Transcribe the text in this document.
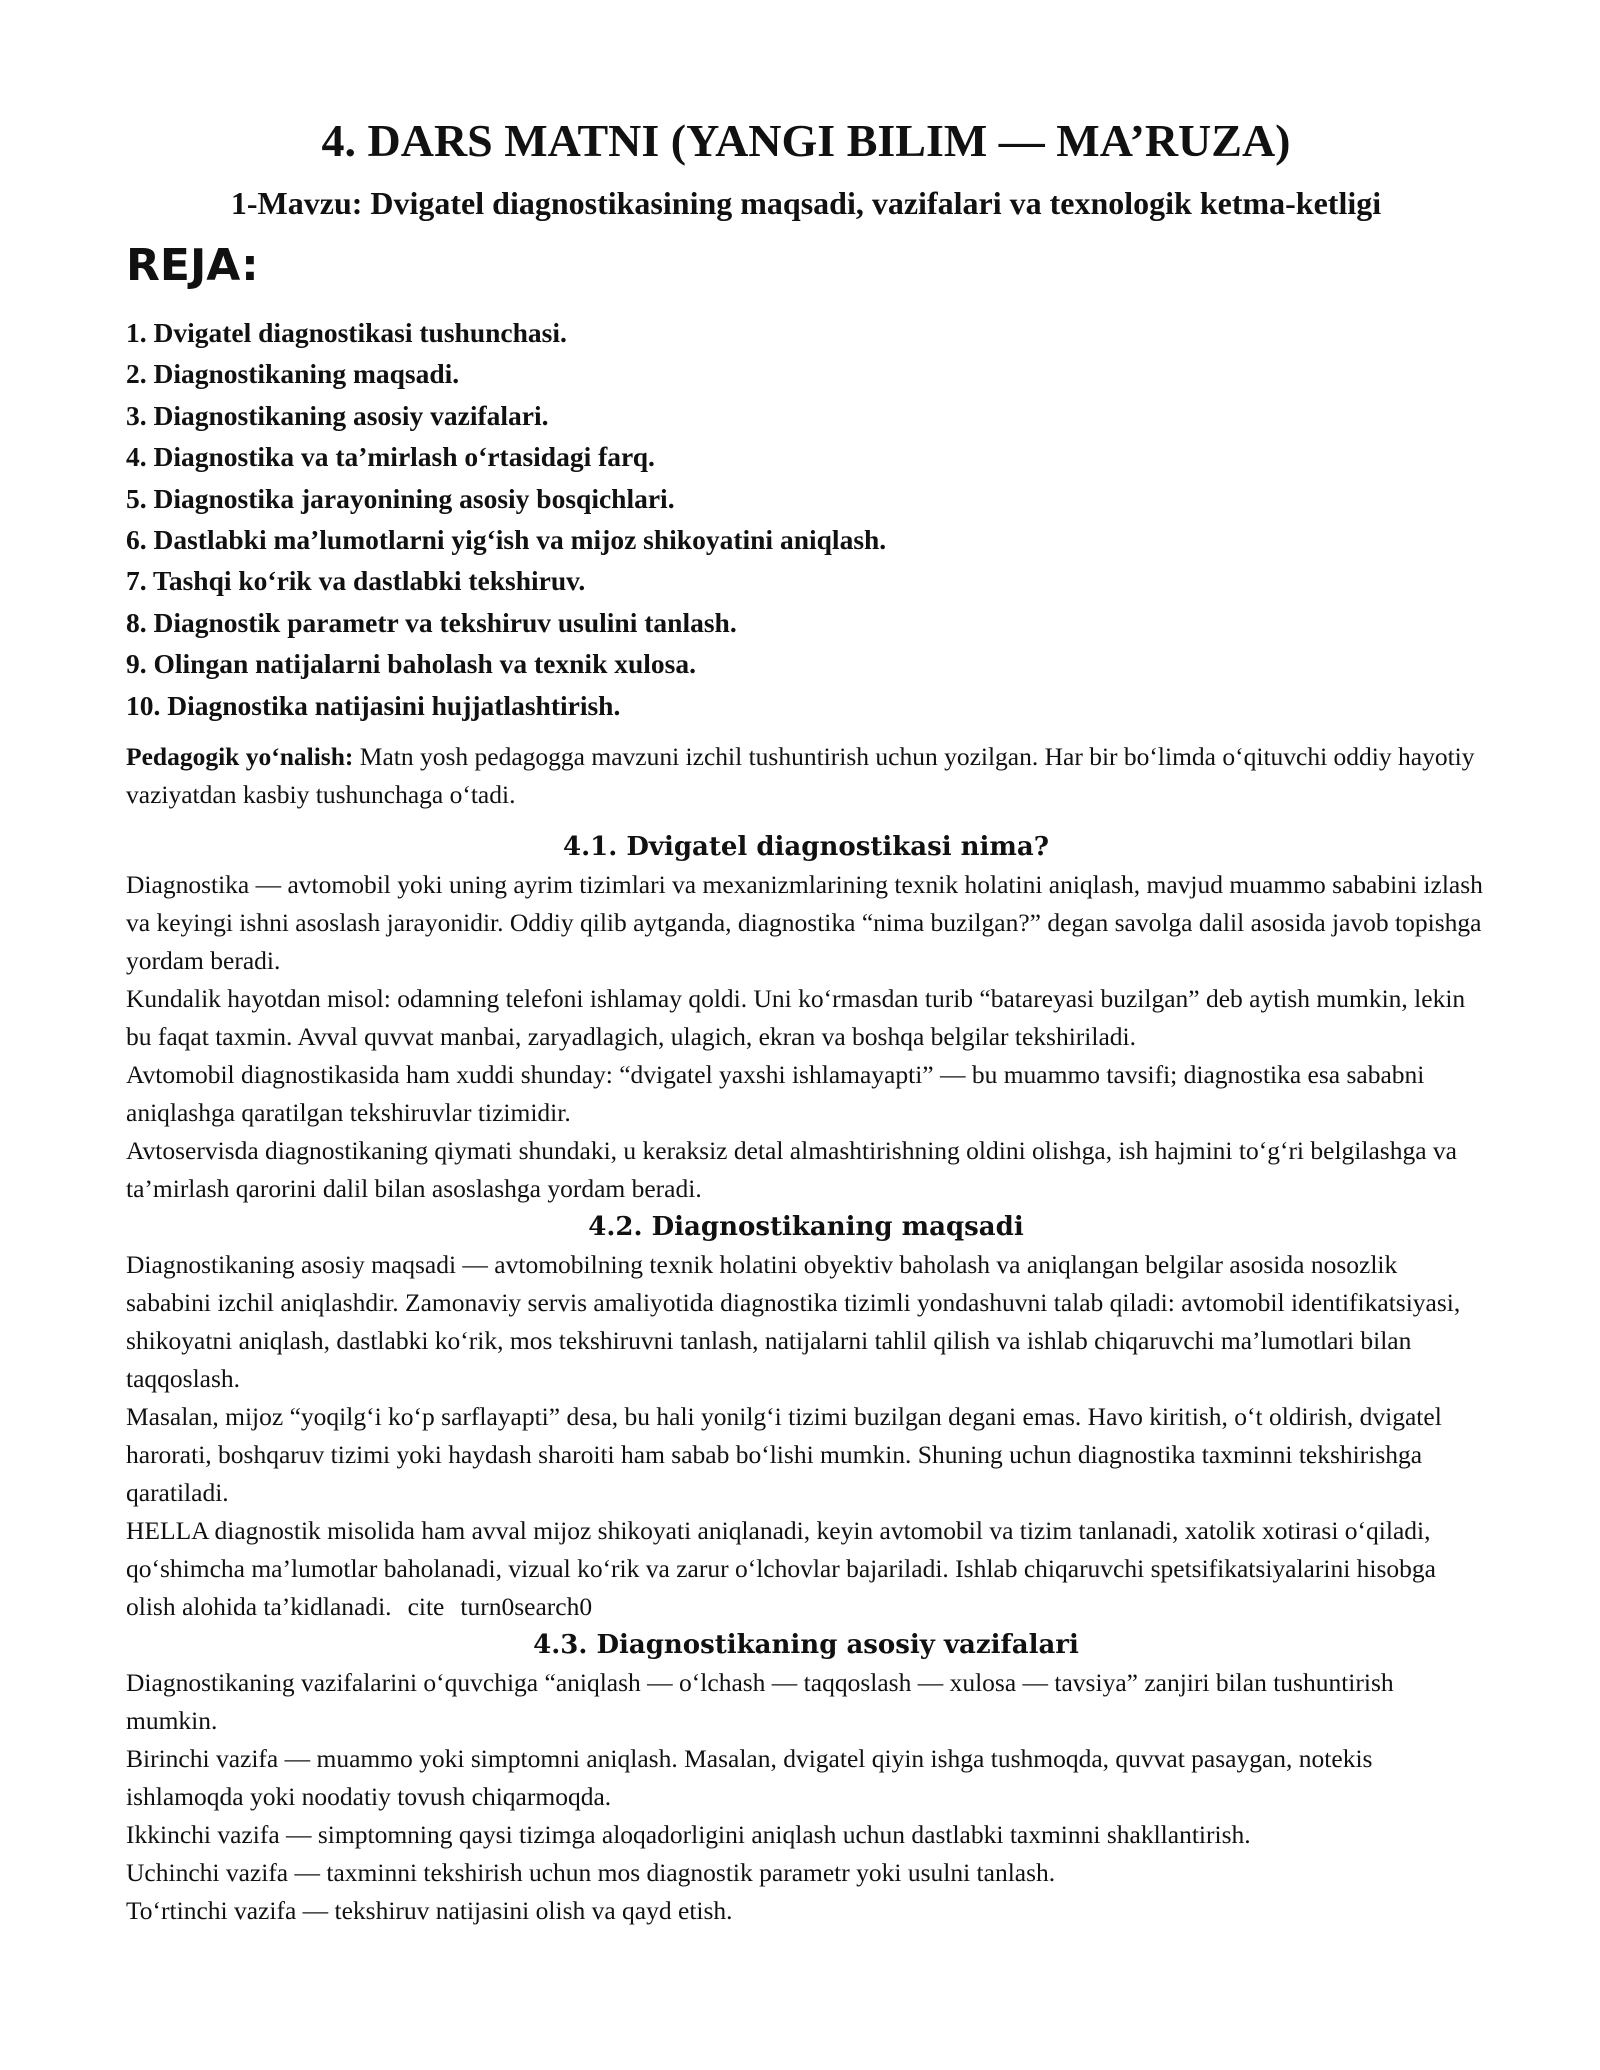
4. DARS MATNI (YANGI BILIM — MA’RUZA)
1-Mavzu: Dvigatel diagnostikasining maqsadi, vazifalari va texnologik ketma-ketligi
REJA:
1. Dvigatel diagnostikasi tushunchasi.
2. Diagnostikaning maqsadi.
3. Diagnostikaning asosiy vazifalari.
4. Diagnostika va ta’mirlash o‘rtasidagi farq.
5. Diagnostika jarayonining asosiy bosqichlari.
6. Dastlabki ma’lumotlarni yig‘ish va mijoz shikoyatini aniqlash.
7. Tashqi ko‘rik va dastlabki tekshiruv.
8. Diagnostik parametr va tekshiruv usulini tanlash.
9. Olingan natijalarni baholash va texnik xulosa.
10. Diagnostika natijasini hujjatlashtirish.

Pedagogik yo‘nalish: Matn yosh pedagogga mavzuni izchil tushuntirish uchun yozilgan. Har bir bo‘limda o‘qituvchi oddiy hayotiy vaziyatdan kasbiy tushunchaga o‘tadi.

4.1. Dvigatel diagnostikasi nima?

Diagnostika — avtomobil yoki uning ayrim tizimlari va mexanizmlarining texnik holatini aniqlash, mavjud muammo sababini izlash va keyingi ishni asoslash jarayonidir. Oddiy qilib aytganda, diagnostika “nima buzilgan?” degan savolga dalil asosida javob topishga yordam beradi.

Kundalik hayotdan misol: odamning telefoni ishlamay qoldi. Uni ko‘rmasdan turib “batareyasi buzilgan” deb aytish mumkin, lekin bu faqat taxmin. Avval quvvat manbai, zaryadlagich, ulagich, ekran va boshqa belgilar tekshiriladi.

Avtomobil diagnostikasida ham xuddi shunday: “dvigatel yaxshi ishlamayapti” — bu muammo tavsifi; diagnostika esa sababni aniqlashga qaratilgan tekshiruvlar tizimidir.

Avtoservisda diagnostikaning qiymati shundaki, u keraksiz detal almashtirishning oldini olishga, ish hajmini to‘g‘ri belgilashga va ta’mirlash qarorini dalil bilan asoslashga yordam beradi.

4.2. Diagnostikaning maqsadi

Diagnostikaning asosiy maqsadi — avtomobilning texnik holatini obyektiv baholash va aniqlangan belgilar asosida nosozlik sababini izchil aniqlashdir. Zamonaviy servis amaliyotida diagnostika tizimli yondashuvni talab qiladi: avtomobil identifikatsiyasi, shikoyatni aniqlash, dastlabki ko‘rik, mos tekshiruvni tanlash, natijalarni tahlil qilish va ishlab chiqaruvchi ma’lumotlari bilan taqqoslash.

Masalan, mijoz “yoqilg‘i ko‘p sarflayapti” desa, bu hali yonilg‘i tizimi buzilgan degani emas. Havo kiritish, o‘t oldirish, dvigatel harorati, boshqaruv tizimi yoki haydash sharoiti ham sabab bo‘lishi mumkin. Shuning uchun diagnostika taxminni tekshirishga qaratiladi.

HELLA diagnostik misolida ham avval mijoz shikoyati aniqlanadi, keyin avtomobil va tizim tanlanadi, xatolik xotirasi o‘qiladi, qo‘shimcha ma’lumotlar baholanadi, vizual ko‘rik va zarur o‘lchovlar bajariladi. Ishlab chiqaruvchi spetsifikatsiyalarini hisobga olish alohida ta’kidlanadi. cite turn0search0

4.3. Diagnostikaning asosiy vazifalari

Diagnostikaning vazifalarini o‘quvchiga “aniqlash — o‘lchash — taqqoslash — xulosa — tavsiya” zanjiri bilan tushuntirish mumkin.

Birinchi vazifa — muammo yoki simptomni aniqlash. Masalan, dvigatel qiyin ishga tushmoqda, quvvat pasaygan, notekis ishlamoqda yoki noodatiy tovush chiqarmoqda.

Ikkinchi vazifa — simptomning qaysi tizimga aloqadorligini aniqlash uchun dastlabki taxminni shakllantirish.

Uchinchi vazifa — taxminni tekshirish uchun mos diagnostik parametr yoki usulni tanlash.

To‘rtinchi vazifa — tekshiruv natijasini olish va qayd etish.
